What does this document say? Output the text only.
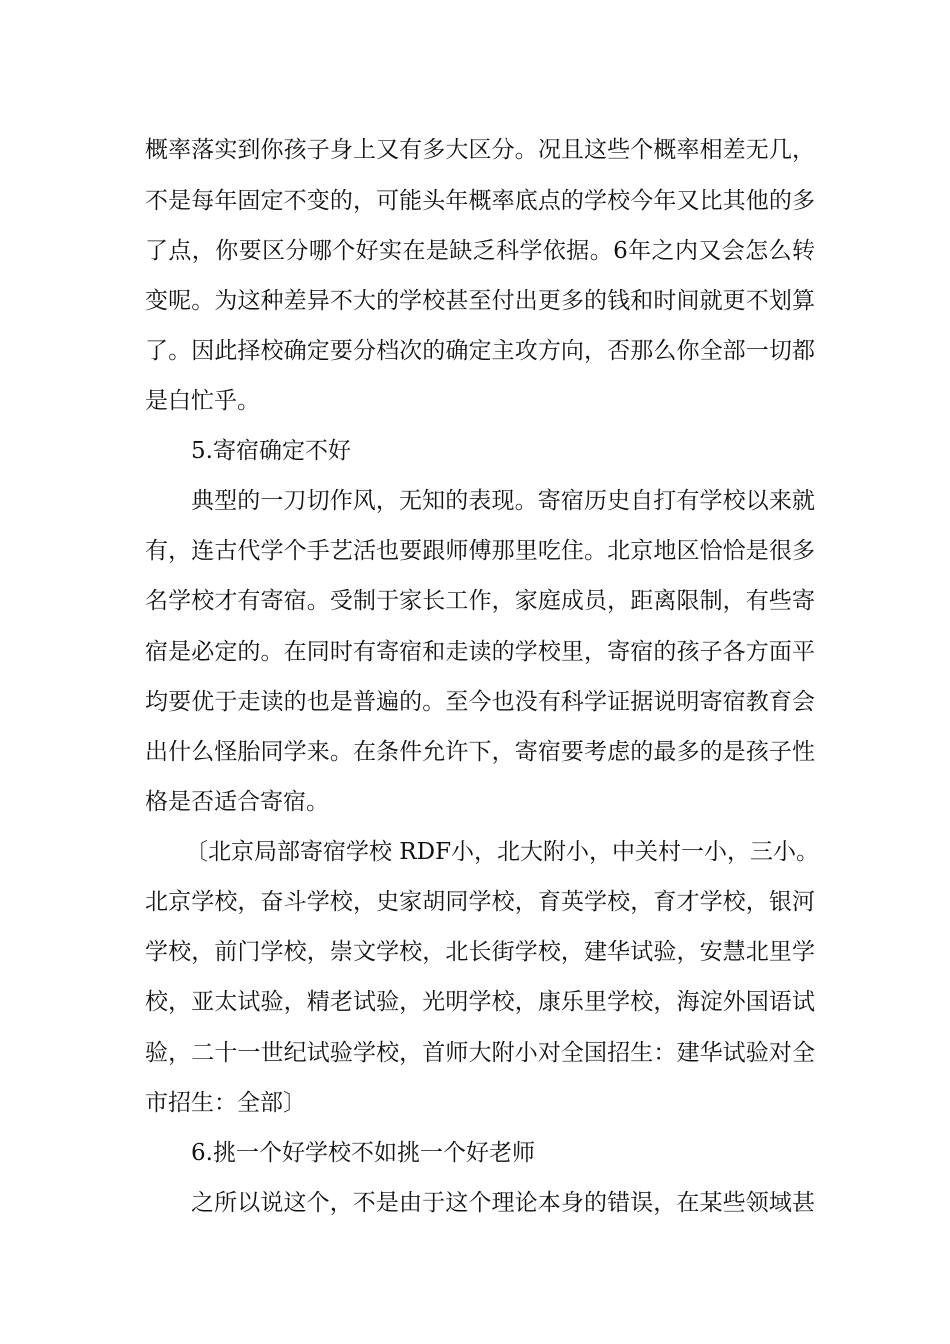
概率落实到你孩子身上又有多大区分。况且这些个概率相差无几，
不是每年固定不变的，可能头年概率底点的学校今年又比其他的多
了点，你要区分哪个好实在是缺乏科学依据。6年之内又会怎么转
变呢。为这种差异不大的学校甚至付出更多的钱和时间就更不划算
了。因此择校确定要分档次的确定主攻方向，否那么你全部一切都
是白忙乎。
5.寄宿确定不好
典型的一刀切作风，无知的表现。寄宿历史自打有学校以来就
有，连古代学个手艺活也要跟师傅那里吃住。北京地区恰恰是很多
名学校才有寄宿。受制于家长工作，家庭成员，距离限制，有些寄
宿是必定的。在同时有寄宿和走读的学校里，寄宿的孩子各方面平
均要优于走读的也是普遍的。至今也没有科学证据说明寄宿教育会
出什么怪胎同学来。在条件允许下，寄宿要考虑的最多的是孩子性
格是否适合寄宿。
〔北京局部寄宿学校 RDF小，北大附小，中关村一小，三小。
北京学校，奋斗学校，史家胡同学校，育英学校，育才学校，银河
学校，前门学校，崇文学校，北长街学校，建华试验，安慧北里学
校，亚太试验，精老试验，光明学校，康乐里学校，海淀外国语试
验，二十一世纪试验学校，首师大附小对全国招生：建华试验对全
市招生：全部〕
6.挑一个好学校不如挑一个好老师
之所以说这个，不是由于这个理论本身的错误，在某些领域甚
